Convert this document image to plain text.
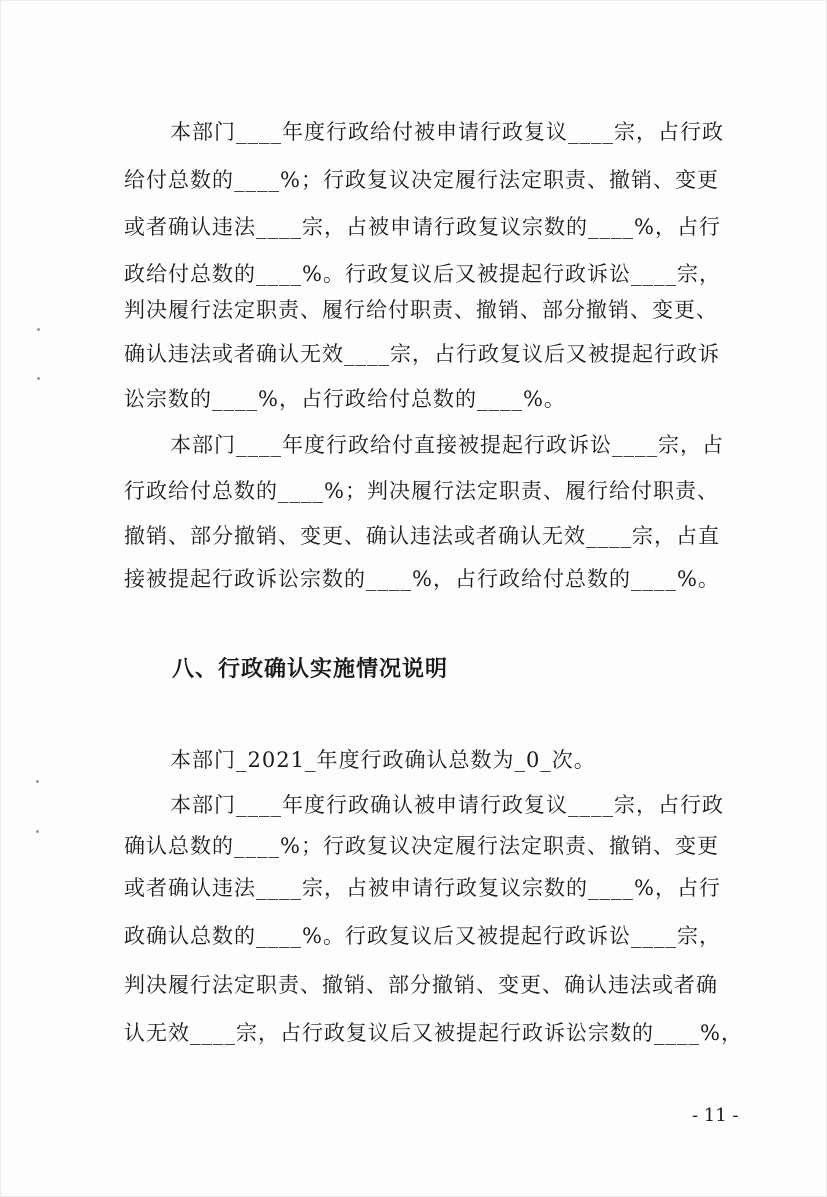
本部门____年度行政给付被申请行政复议____宗，占行政
给付总数的____%；行政复议决定履行法定职责、撤销、变更
或者确认违法____宗，占被申请行政复议宗数的____%，占行
政给付总数的____%。行政复议后又被提起行政诉讼____宗，
判决履行法定职责、履行给付职责、撤销、部分撤销、变更、
确认违法或者确认无效____宗，占行政复议后又被提起行政诉
讼宗数的____%，占行政给付总数的____%。
本部门____年度行政给付直接被提起行政诉讼____宗，占
行政给付总数的____%；判决履行法定职责、履行给付职责、
撤销、部分撤销、变更、确认违法或者确认无效____宗，占直
接被提起行政诉讼宗数的____%，占行政给付总数的____%。
八、行政确认实施情况说明
本部门_2021_年度行政确认总数为_0_次。
本部门____年度行政确认被申请行政复议____宗，占行政
确认总数的____%；行政复议决定履行法定职责、撤销、变更
或者确认违法____宗，占被申请行政复议宗数的____%，占行
政确认总数的____%。行政复议后又被提起行政诉讼____宗，
判决履行法定职责、撤销、部分撤销、变更、确认违法或者确
认无效____宗，占行政复议后又被提起行政诉讼宗数的____%，
- 11 -
